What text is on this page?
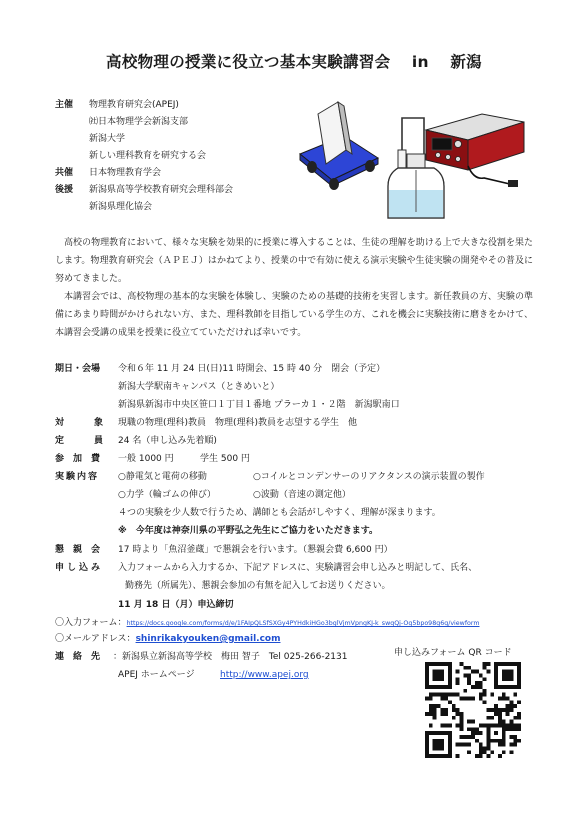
高校物理の授業に役立つ基本実験講習会　 in　 新潟
主催 物理教育研究会(APEJ)
㈳日本物理学会新潟支部
新潟大学
新しい理科教育を研究する会
共催 日本物理教育学会
後援 新潟県高等学校教育研究会理科部会
新潟県理化協会

高校の物理教育において、様々な実験を効果的に授業に導入することは、生徒の理解を助ける上で大きな役割を果たします。物理教育研究会（ＡＰＥＪ）はかねてより、授業の中で有効に使える演示実験や生徒実験の開発やその普及に努めてきました。

本講習会では、高校物理の基本的な実験を体験し、実験のための基礎的技術を実習します。新任教員の方、実験の準備にあまり時間がかけられない方、また、理科教師を目指している学生の方、これを機会に実験技術に磨きをかけて、本講習会受講の成果を授業に役立てていただければ幸いです。

期日・会場	令和６年 11 月 24 日(日)11 時開会、15 時 40 分　閉会（予定）
新潟大学駅南キャンパス（ときめいと）
新潟県新潟市中央区笹口１丁目１番地 プラーカ１・２階　新潟駅南口
対象
現職の物理(理科)教員　物理(理科)教員を志望する学生　他
定員
24 名（申し込み先着順)
参加費 一般 1000 円	学生 500 円
実験内容	○静電気と電荷の移動	○コイルとコンデンサーのリアクタンスの演示装置の製作
○力学（輪ゴムの伸び）	○波動（音速の測定他）
４つの実験を少人数で行うため、講師とも会話がしやすく、理解が深まります。
※　今年度は神奈川県の平野弘之先生にご協力をいただきます。
懇親会 17 時より「魚沼釜蔵」で懇親会を行います。（懇親会費 6,600 円）
申し込み	入力フォームから入力するか、下記アドレスに、実験講習会申し込みと明記して、氏名、
勤務先（所属先）、懇親会参加の有無を記入してお送りください。
11 月 18 日（月）申込締切
〇入力フォーム：https://docs.google.com/forms/d/e/1FAIpQLSfSXGy4PYHdkiHGo3bglVjmVpngKJ-k_swqQj-Og5bpo98g6g/viewform
〇メールアドレス：shinrikakyouken@gmail.com
連絡先 ：新潟県立新潟高等学校　梅田 智子　Tel 025-266-2131
APEJ ホームページ	http://www.apej.org
申し込みフォーム QR コード
